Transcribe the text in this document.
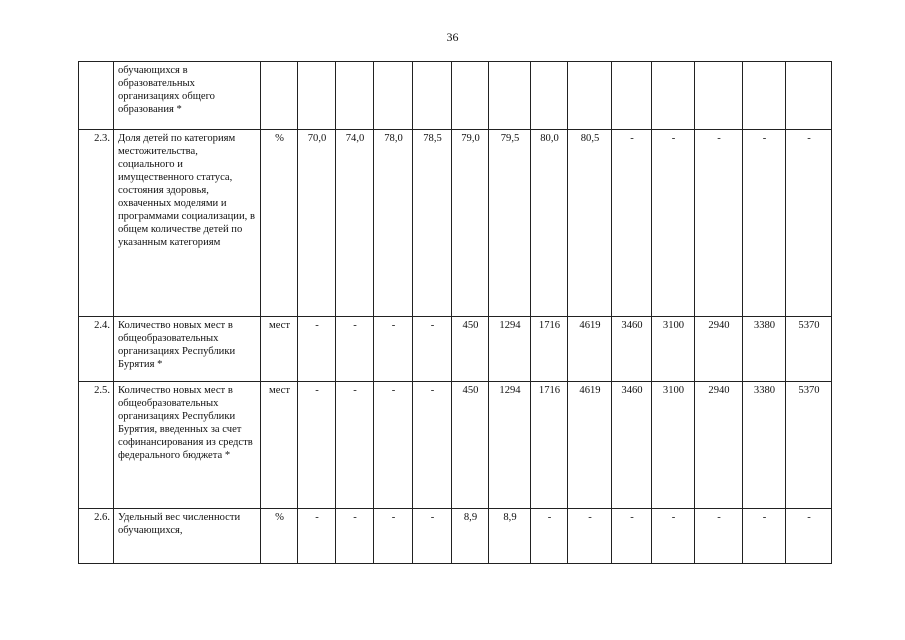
36
	обучающихся в образовательных организациях общего образования *														
2.3.	Доля детей по категориям местожительства, социального и имущественного статуса, состояния здоровья, охваченных моделями и программами социализации, в общем количестве детей по указанным категориям	%	70,0	74,0	78,0	78,5	79,0	79,5	80,0	80,5	-	-	-	-	-
2.4.	Количество новых мест в общеобразовательных организациях Республики Бурятия *	мест	-	-	-	-	450	1294	1716	4619	3460	3100	2940	3380	5370
2.5.	Количество новых мест в общеобразовательных организациях Республики Бурятия, введенных за счет софинансирования из средств федерального бюджета *	мест	-	-	-	-	450	1294	1716	4619	3460	3100	2940	3380	5370
2.6.	Удельный вес численности обучающихся,	%	-	-	-	-	8,9	8,9	-	-	-	-	-	-	-
